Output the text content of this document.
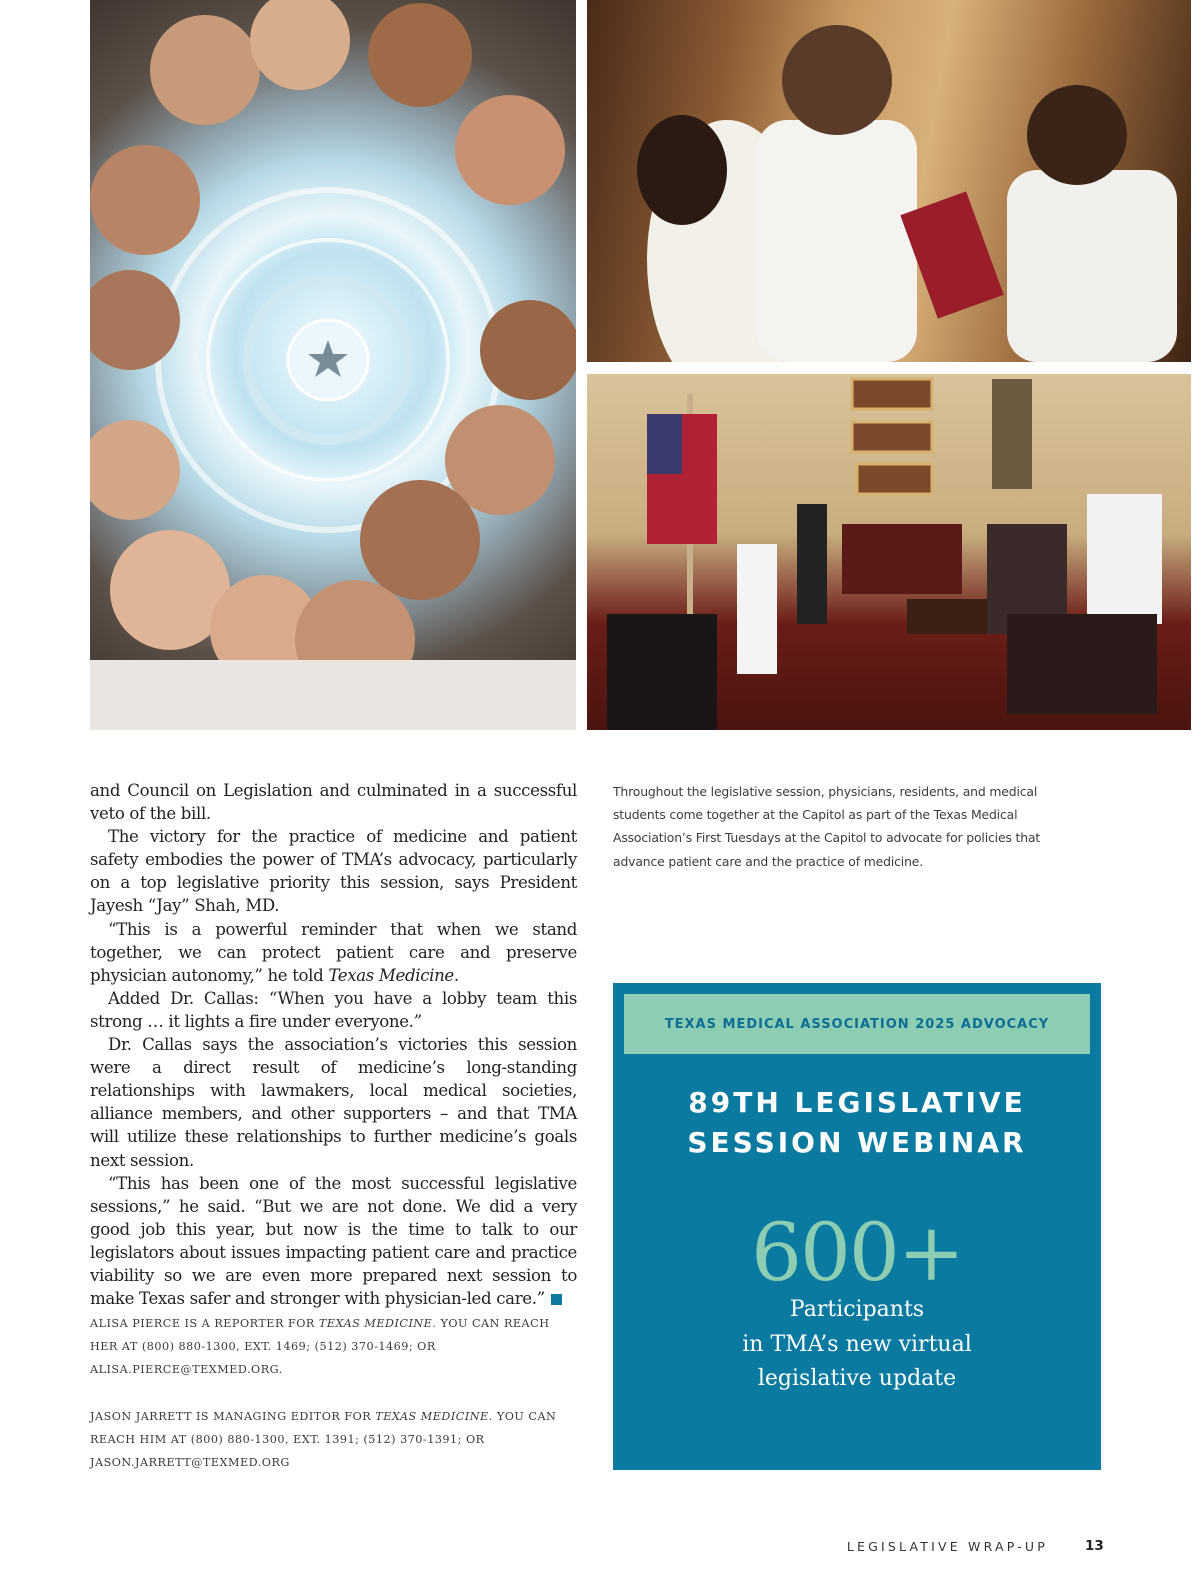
and Council on Legislation and culminated in a successful veto of the bill.

The victory for the practice of medicine and patient safety embodies the power of TMA’s advocacy, particularly on a top legislative priority this session, says President Jayesh “Jay” Shah, MD.

“This is a powerful reminder that when we stand together, we can protect patient care and preserve physician autonomy,” he told Texas Medicine.

Added Dr. Callas: “When you have a lobby team this strong … it lights a fire under everyone.”

Dr. Callas says the association’s victories this session were a direct result of medicine’s long-standing relationships with lawmakers, local medical societies, alliance members, and other supporters – and that TMA will utilize these relationships to further medicine’s goals next session.

“This has been one of the most successful legislative sessions,” he said. “But we are not done. We did a very good job this year, but now is the time to talk to our legislators about issues impacting patient care and practice viability so we are even more prepared next session to make Texas safer and stronger with physician-led care.”

ALISA PIERCE IS A REPORTER FOR TEXAS MEDICINE. YOU CAN REACH HER AT (800) 880-1300, EXT. 1469; (512) 370-1469; OR ALISA.PIERCE@TEXMED.ORG.
JASON JARRETT IS MANAGING EDITOR FOR TEXAS MEDICINE. YOU CAN REACH HIM AT (800) 880-1300, EXT. 1391; (512) 370-1391; OR JASON.JARRETT@TEXMED.ORG
Throughout the legislative session, physicians, residents, and medical students come together at the Capitol as part of the Texas Medical Association’s First Tuesdays at the Capitol to advocate for policies that advance patient care and the practice of medicine.
TEXAS MEDICAL ASSOCIATION 2025 ADVOCACY
89TH LEGISLATIVE
SESSION WEBINAR
600+
Participants
in TMA’s new virtual
legislative update
LEGISLATIVE WRAP-UP	13
